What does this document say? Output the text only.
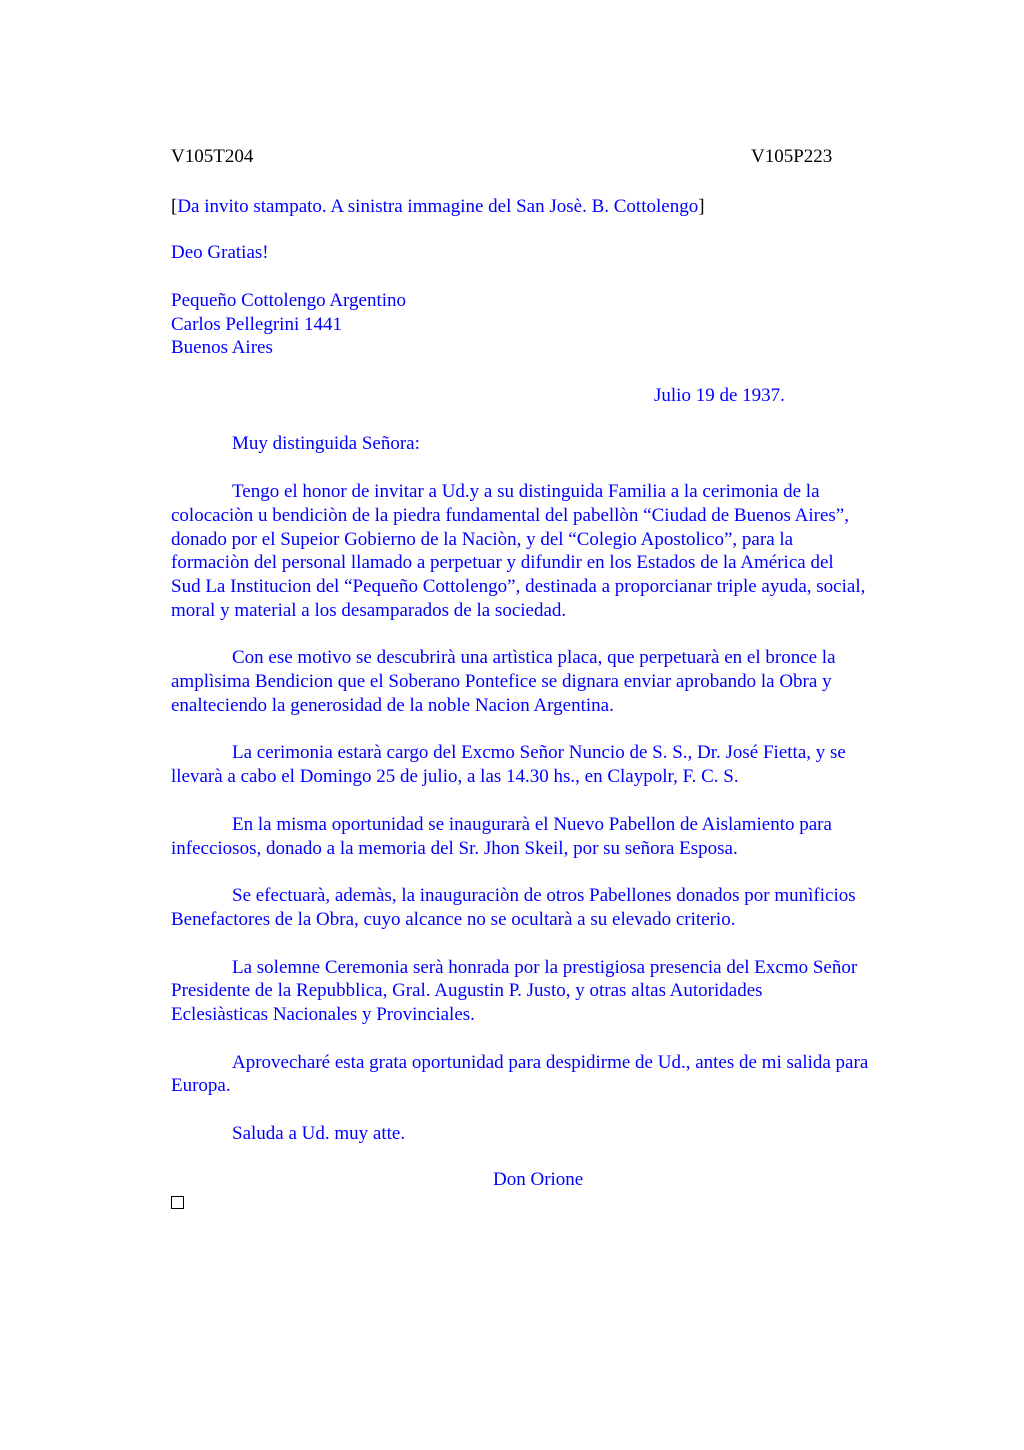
V105T204	V105P223

[Da invito stampato. A sinistra immagine del San Josè. B. Cottolengo]

Deo Gratias!

Pequeño Cottolengo Argentino
Carlos Pellegrini 1441
Buenos Aires

Julio 19 de 1937.

Muy distinguida Señora:

Tengo el honor de invitar a Ud.y a su distinguida Familia a la cerimonia de la
colocaciòn u bendiciòn de la piedra fundamental del pabellòn “Ciudad de Buenos Aires”,
donado por el Supeior Gobierno de la Naciòn, y del “Colegio Apostolico”, para la
formaciòn del personal llamado a perpetuar y difundir en los Estados de la América del
Sud La Institucion del “Pequeño Cottolengo”, destinada a proporcianar triple ayuda, social,
moral y material a los desamparados de la sociedad.
Con ese motivo se descubrirà una artìstica placa, que perpetuarà en el bronce la
amplìsima Bendicion que el Soberano Pontefice se dignara enviar aprobando la Obra y
enalteciendo la generosidad de la noble Nacion Argentina.
La cerimonia estarà cargo del Excmo Señor Nuncio de S. S., Dr. José Fietta, y se
llevarà a cabo el Domingo 25 de julio, a las 14.30 hs., en Claypolr, F. C. S.
En la misma oportunidad se inaugurarà el Nuevo Pabellon de Aislamiento para
infecciosos, donado a la memoria del Sr. Jhon Skeil, por su señora Esposa.
Se efectuarà, ademàs, la inauguraciòn de otros Pabellones donados por munìficios
Benefactores de la Obra, cuyo alcance no se ocultarà a su elevado criterio.
La solemne Ceremonia serà honrada por la prestigiosa presencia del Excmo Señor
Presidente de la Repubblica, Gral. Augustin P. Justo, y otras altas Autoridades
Eclesiàsticas Nacionales y Provinciales.
Aprovecharé esta grata oportunidad para despidirme de Ud., antes de mi salida para
Europa.

Saluda a Ud. muy atte.

Don Orione
